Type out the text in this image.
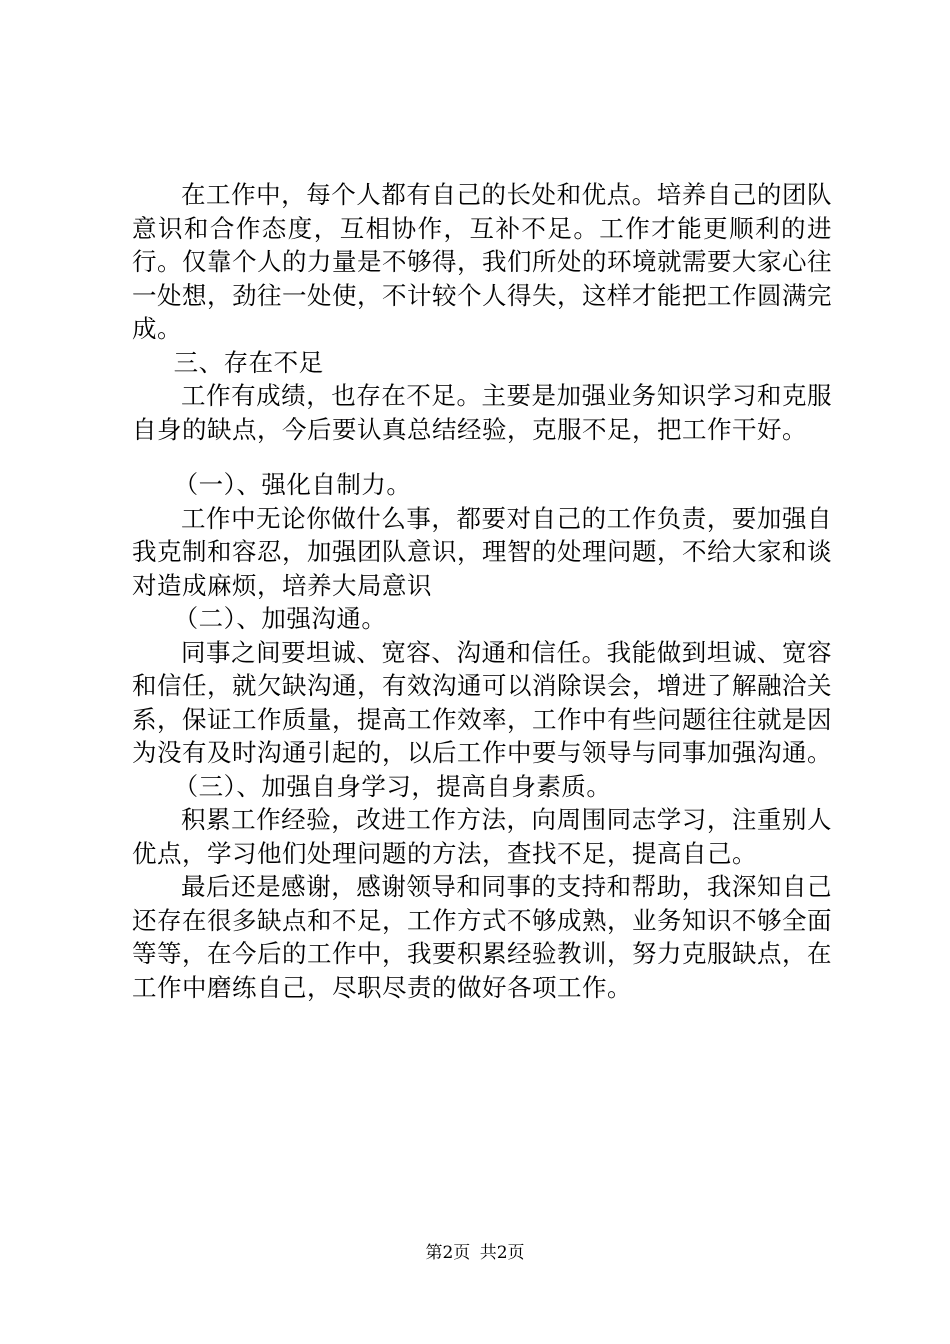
在工作中，每个人都有自己的长处和优点。培养自己的团队意识和合作态度，互相协作，互补不足。工作才能更顺利的进行。仅靠个人的力量是不够得，我们所处的环境就需要大家心往一处想，劲往一处使，不计较个人得失，这样才能把工作圆满完成。

三、存在不足

工作有成绩，也存在不足。主要是加强业务知识学习和克服自身的缺点，今后要认真总结经验，克服不足，把工作干好。

（一）、强化自制力。

工作中无论你做什么事，都要对自己的工作负责，要加强自我克制和容忍，加强团队意识，理智的处理问题，不给大家和谈对造成麻烦，培养大局意识

（二）、加强沟通。

同事之间要坦诚、宽容、沟通和信任。我能做到坦诚、宽容和信任，就欠缺沟通，有效沟通可以消除误会，增进了解融洽关系，保证工作质量，提高工作效率，工作中有些问题往往就是因为没有及时沟通引起的，以后工作中要与领导与同事加强沟通。

（三）、加强自身学习，提高自身素质。

积累工作经验，改进工作方法，向周围同志学习，注重别人优点，学习他们处理问题的方法，查找不足，提高自己。

最后还是感谢，感谢领导和同事的支持和帮助，我深知自己还存在很多缺点和不足，工作方式不够成熟，业务知识不够全面等等，在今后的工作中，我要积累经验教训，努力克服缺点，在工作中磨练自己，尽职尽责的做好各项工作。

第2页 共2页
